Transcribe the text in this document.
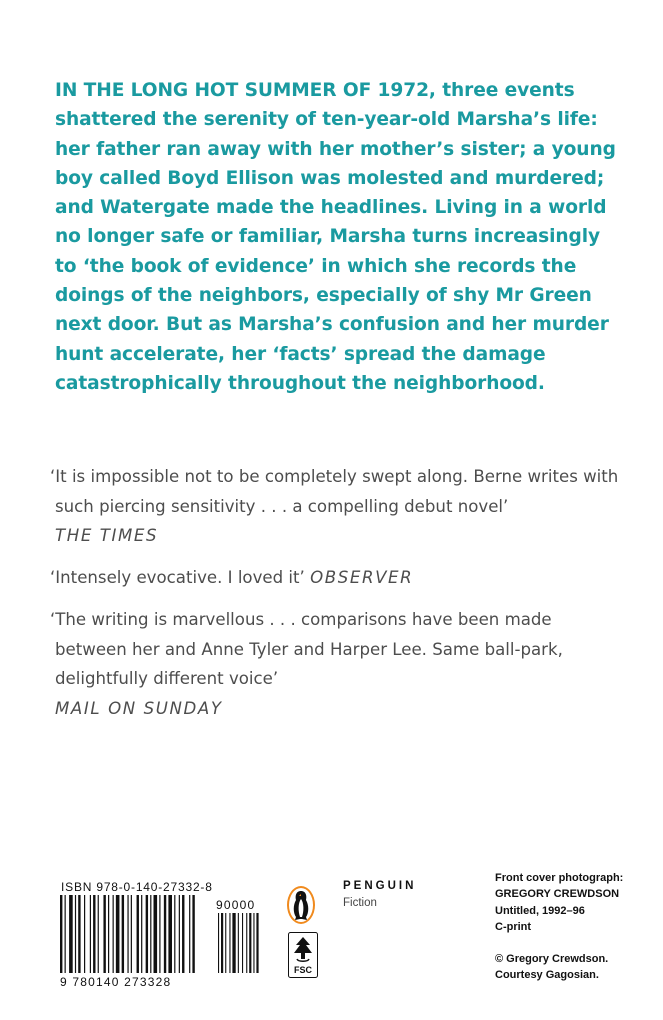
IN THE LONG HOT SUMMER OF 1972, three events
shattered the serenity of ten-year-old Marsha’s life:
her father ran away with her mother’s sister; a young
boy called Boyd Ellison was molested and murdered;
and Watergate made the headlines. Living in a world
no longer safe or familiar, Marsha turns increasingly
to ‘the book of evidence’ in which she records the
doings of the neighbors, especially of shy Mr Green
next door. But as Marsha’s confusion and her murder
hunt accelerate, her ‘facts’ spread the damage
catastrophically throughout the neighborhood.
‘It is impossible not to be completely swept along. Berne writes with
such piercing sensitivity . . . a compelling debut novel’
THE TIMES
‘Intensely evocative. I loved it’ OBSERVER
‘The writing is marvellous . . . comparisons have been made
between her and Anne Tyler and Harper Lee. Same ball-park,
delightfully different voice’
MAIL ON SUNDAY
ISBN 978-0-140-27332-8
9 780140 273328
90000
FSC
PENGUIN
Fiction
Front cover photograph:
GREGORY CREWDSON
Untitled, 1992–96
C-print
© Gregory Crewdson.
Courtesy Gagosian.
